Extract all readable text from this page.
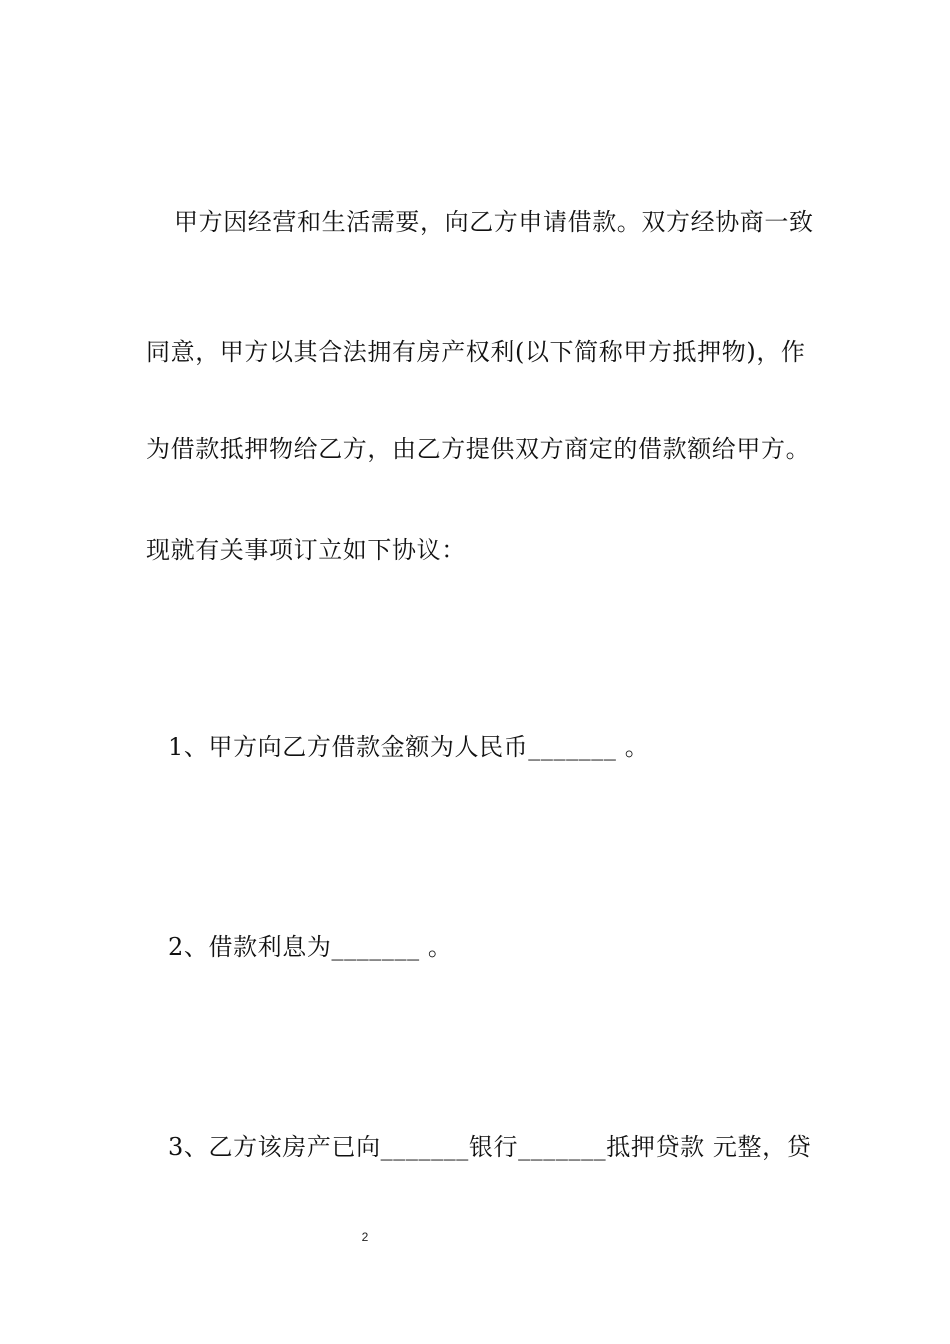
甲方因经营和生活需要，向乙方申请借款。双方经协商一致
同意，甲方以其合法拥有房产权利(以下简称甲方抵押物)，作
为借款抵押物给乙方，由乙方提供双方商定的借款额给甲方。
现就有关事项订立如下协议：
1、甲方向乙方借款金额为人民币_______ 。
2、借款利息为_______ 。
3、乙方该房产已向_______银行_______抵押贷款 元整，贷
2
